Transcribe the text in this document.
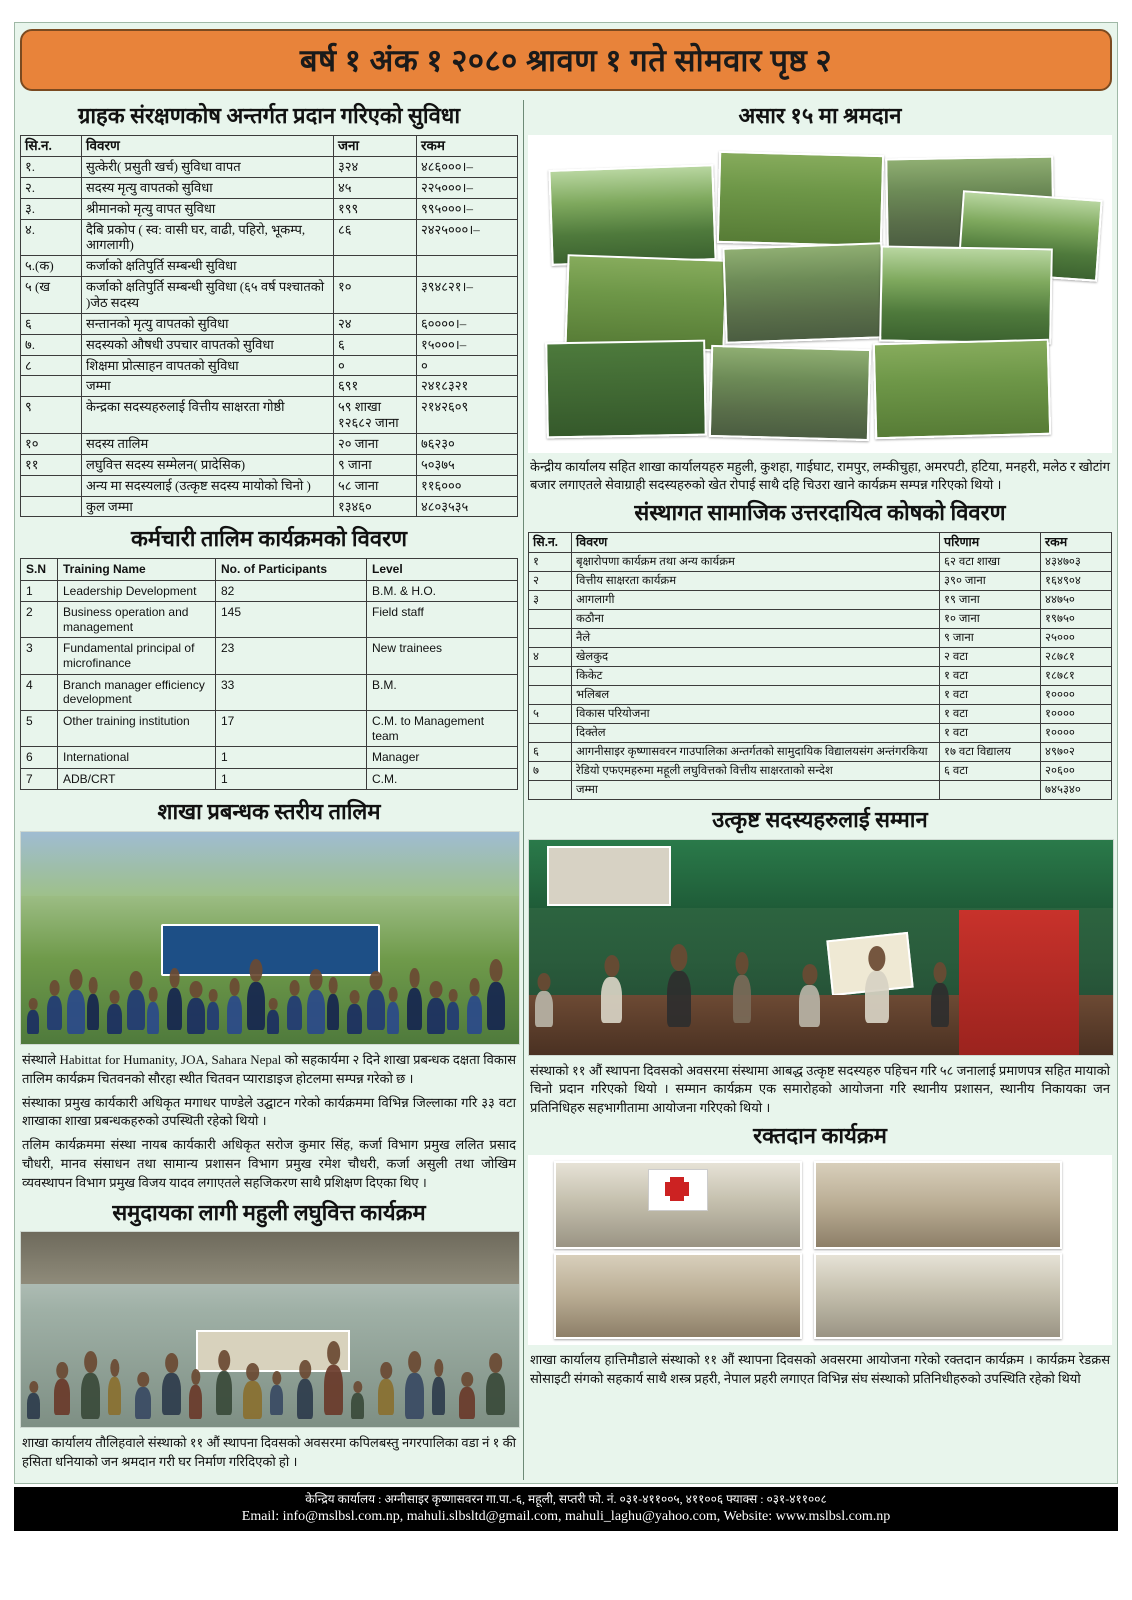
बर्ष १ अंक १ २०८० श्रावण १ गते सोमवार पृष्ठ २
ग्राहक संरक्षणकोष अन्तर्गत प्रदान गरिएको सुविधा
सि.न.	विवरण	जना	रकम
१.	सुत्केरी( प्रसुती खर्च) सुविधा वापत	३२४	४८६०००।–
२.	सदस्य मृत्यु वापतको सुविधा	४५	२२५०००।–
३.	श्रीमानको मृत्यु वापत सुविधा	१९९	९९५०००।–
४.	दैबि प्रकोप ( स्व: वासी घर, वाढी, पहिरो, भूकम्प, आगलागी)	८६	२४२५०००।–
५.(क)	कर्जाको क्षतिपुर्ति सम्बन्धी सुविधा		
५ (ख	कर्जाको क्षतिपुर्ति सम्बन्धी सुविधा (६५ वर्ष पश्चातको )जेठ सदस्य	१०	३९४८२१।–
६	सन्तानको मृत्यु वापतको सुविधा	२४	६००००।–
७.	सदस्यको औषधी उपचार वापतको सुविधा	६	१५०००।–
८	शिक्षमा प्रोत्साहन वापतको सुविधा	०	०
	जम्मा	६९१	२४१८३२१
९	केन्द्रका सदस्यहरुलाई वित्तीय साक्षरता गोष्ठी	५९ शाखा १२६८२ जाना	२१४२६०९
१०	सदस्य तालिम	२० जाना	७६२३०
११	लघुवित्त सदस्य सम्मेलन( प्रादेसिक)	९ जाना	५०३७५
	अन्य मा सदस्यलाई (उत्कृष्ट सदस्य मायोको चिनो )	५८ जाना	११६०००
	कुल जम्मा	१३४६०	४८०३५३५
कर्मचारी तालिम कार्यक्रमको विवरण
S.N	Training Name	No. of Participants	Level
1	Leadership Development	82	B.M. & H.O.
2	Business operation and management	145	Field staff
3	Fundamental principal of microfinance	23	New trainees
4	Branch manager efficiency development	33	B.M.
5	Other training institution	17	C.M. to Management team
6	International	1	Manager
7	ADB/CRT	1	C.M.
शाखा प्रबन्धक स्तरीय तालिम
संस्थाले Habittat for Humanity, JOA, Sahara Nepal को सहकार्यमा २ दिने शाखा प्रबन्धक दक्षता विकास तालिम कार्यक्रम चितवनको सौरहा स्थीत चितवन प्याराडाइज होटलमा सम्पन्न गरेको छ ।
संस्थाका प्रमुख कार्यकारी अधिकृत मगाधर पाण्डेले उद्घाटन गरेको कार्यक्रममा विभिन्न जिल्लाका गरि ३३ वटा शाखाका शाखा प्रबन्धकहरुको उपस्थिती रहेको थियो ।
तलिम कार्यक्रममा संस्था नायब कार्यकारी अधिकृत सरोज कुमार सिंह, कर्जा विभाग प्रमुख ललित प्रसाद चौधरी, मानव संसाधन तथा सामान्य प्रशासन विभाग प्रमुख रमेश चौधरी, कर्जा असुली तथा जोखिम व्यवस्थापन विभाग प्रमुख विजय यादव लगाएतले सहजिकरण साथै प्रशिक्षण दिएका थिए ।
समुदायका लागी महुली लघुवित्त कार्यक्रम
शाखा कार्यालय तौलिहवाले संस्थाको ११ औं स्थापना दिवसको अवसरमा कपिलबस्तु नगरपालिका वडा नं १ की हसिता धनियाको जन श्रमदान गरी घर निर्माण गरिदिएको हो ।
असार १५ मा श्रमदान
केन्द्रीय कार्यालय सहित शाखा कार्यालयहरु महुली, कुशहा, गाईघाट, रामपुर, लम्कीचुहा, अमरपटी, हटिया, मनहरी, मलेठ र खोटांग बजार लगाएतले सेवाग्राही सदस्यहरुको खेत रोपाई साथै दहि चिउरा खाने कार्यक्रम सम्पन्न गरिएको थियो ।
संस्थागत सामाजिक उत्तरदायित्व कोषको विवरण
सि.न.	विवरण	परिणाम	रकम
१	बृक्षारोपणा कार्यक्रम तथा अन्य कार्यक्रम	६२ वटा शाखा	४३४७०३
२	वित्तीय साक्षरता कार्यक्रम	३९० जाना	१६४९०४
३	आगलागी	१९ जाना	४४७५०
	कठौना	१० जाना	१९७५०
	नैले	९ जाना	२५०००
४	खेलकुद	२ वटा	२८७८१
	किकेट	१ वटा	१८७८१
	भलिबल	१ वटा	१००००
५	विकास परियोजना	१ वटा	१००००
	दिक्तेल	१ वटा	१००००
६	आगनीसाइर कृष्णासवरन गाउपालिका अन्तर्गतको सामुदायिक विद्यालयसंग अन्तंगरकिया	१७ वटा विद्यालय	४९७०२
७	रेडियो एफएमहरुमा महूली लघुवित्तको वित्तीय साक्षरताको सन्देश	६ वटा	२०६००
	जम्मा		७४५३४०
उत्कृष्ट सदस्यहरुलाई सम्मान
संस्थाको ११ औं स्थापना दिवसको अवसरमा संस्थामा आबद्ध उत्कृष्ट सदस्यहरु पहिचन गरि ५८ जनालाई प्रमाणपत्र सहित मायाको चिनो प्रदान गरिएको थियो । सम्मान कार्यक्रम एक समारोहको आयोजना गरि स्थानीय प्रशासन, स्थानीय निकायका जन प्रतिनिधिहरु सहभागीतामा आयोजना गरिएको थियो ।
रक्तदान कार्यक्रम
शाखा कार्यालय हात्तिमौडाले संस्थाको ११ औं स्थापना दिवसको अवसरमा आयोजना गरेको रक्तदान कार्यक्रम । कार्यक्रम रेडक्रस सोसाइटी संगको सहकार्य साथै शस्त्र प्रहरी, नेपाल प्रहरी लगाएत विभिन्न संघ संस्थाको प्रतिनिधीहरुको उपस्थिति रहेको थियो
केन्द्रिय कार्यालय : अग्नीसाइर कृष्णासवरन गा.पा.-६, महूली, सप्तरी फो. नं. ०३१-४११००५, ४११००६ फ्याक्स : ०३१-४११००८
Email: info@mslbsl.com.np, mahuli.slbsltd@gmail.com, mahuli_laghu@yahoo.com, Website: www.mslbsl.com.np
